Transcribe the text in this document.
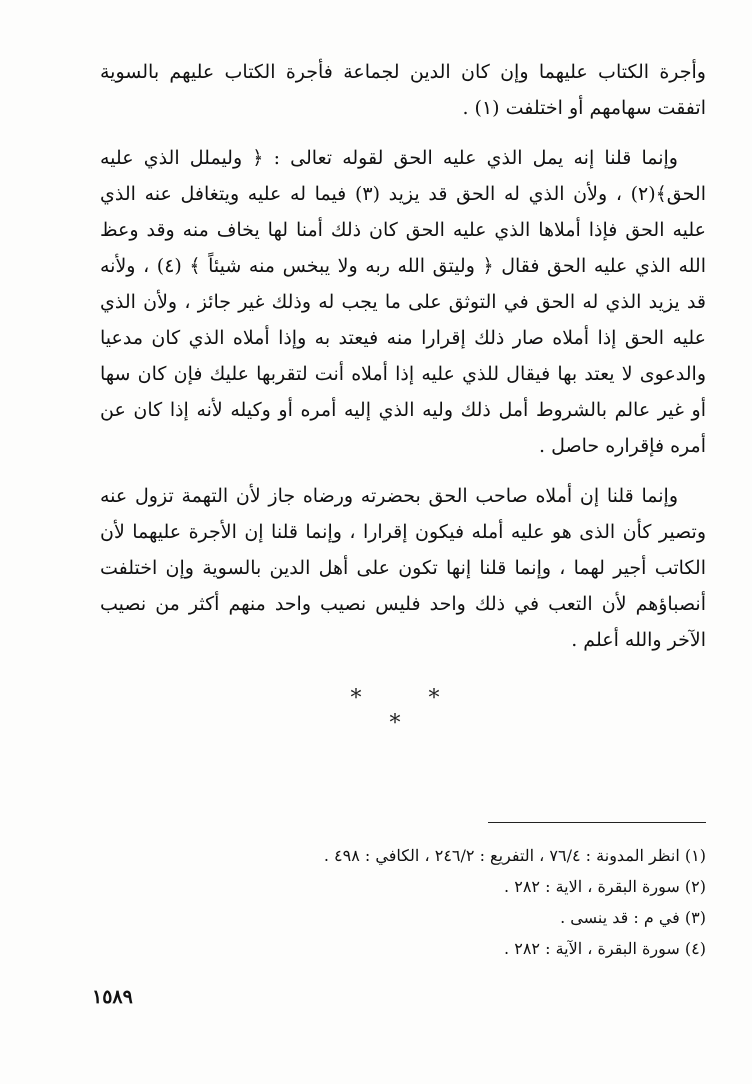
وأجرة الكتاب عليهما وإن كان الدين لجماعة فأجرة الكتاب عليهم بالسوية اتفقت سهامهم أو اختلفت (١) .

وإنما قلنا إنه يمل الذي عليه الحق لقوله تعالى : ﴿ وليملل الذي عليه الحق﴾(٢) ، ولأن الذي له الحق قد يزيد (٣) فيما له عليه ويتغافل عنه الذي عليه الحق فإذا أملاها الذي عليه الحق كان ذلك أمنا لها يخاف منه وقد وعظ الله الذي عليه الحق فقال ﴿ وليتق الله ربه ولا يبخس منه شيئاً ﴾ (٤) ، ولأنه قد يزيد الذي له الحق في التوثق على ما يجب له وذلك غير جائز ، ولأن الذي عليه الحق إذا أملاه صار ذلك إقرارا منه فيعتد به وإذا أملاه الذي كان مدعيا والدعوى لا يعتد بها فيقال للذي عليه إذا أملاه أنت لتقربها عليك فإن كان سها أو غير عالم بالشروط أمل ذلك وليه الذي إليه أمره أو وكيله لأنه إذا كان عن أمره فإقراره حاصل .

وإنما قلنا إن أملاه صاحب الحق بحضرته ورضاه جاز لأن التهمة تزول عنه وتصير كأن الذى هو عليه أمله فيكون إقرارا ، وإنما قلنا إن الأجرة عليهما لأن الكاتب أجير لهما ، وإنما قلنا إنها تكون على أهل الدين بالسوية وإن اختلفت أنصباؤهم لأن التعب في ذلك واحد فليس نصيب واحد منهم أكثر من نصيب الآخر والله أعلم .

* * *
(١) انظر المدونة : ٧٦/٤ ، التفريع : ٢٤٦/٢ ، الكافي : ٤٩٨ .
(٢) سورة البقرة ، الاية : ٢٨٢ .
(٣) في م : قد ينسى .
(٤) سورة البقرة ، الآية : ٢٨٢ .
١٥٨٩
